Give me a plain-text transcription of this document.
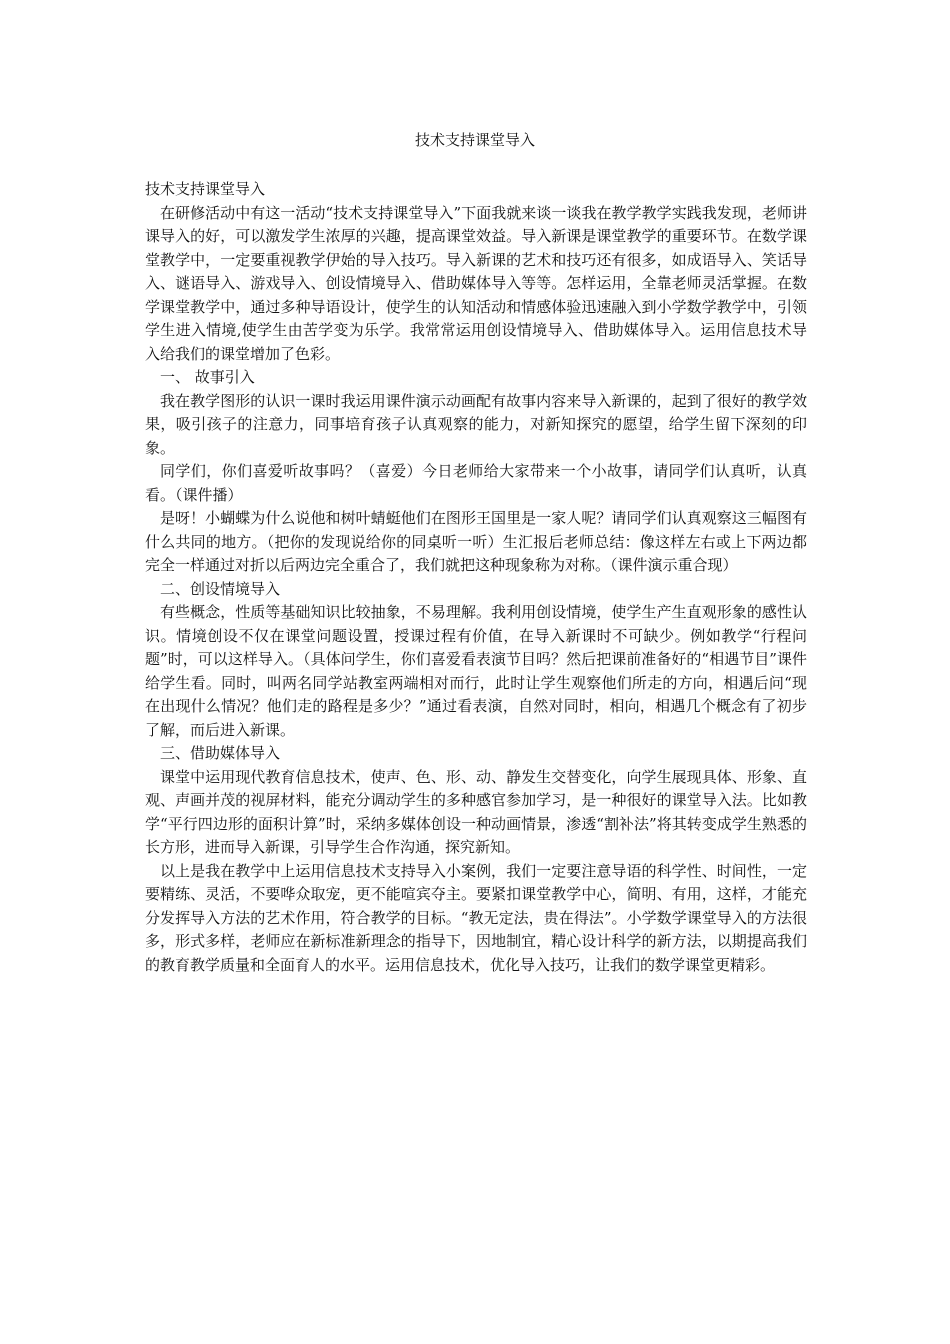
技术支持课堂导入

技术支持课堂导入

在研修活动中有这一活动“技术支持课堂导入”下面我就来谈一谈我在教学教学实践我发现，老师讲课导入的好，可以激发学生浓厚的兴趣，提高课堂效益。导入新课是课堂教学的重要环节。在数学课堂教学中，一定要重视教学伊始的导入技巧。导入新课的艺术和技巧还有很多，如成语导入、笑话导入、谜语导入、游戏导入、创设情境导入、借助媒体导入等等。怎样运用，全靠老师灵活掌握。在数学课堂教学中，通过多种导语设计，使学生的认知活动和情感体验迅速融入到小学数学教学中，引领学生进入情境,使学生由苦学变为乐学。我常常运用创设情境导入、借助媒体导入。运用信息技术导入给我们的课堂增加了色彩。

一、 故事引入

我在教学图形的认识一课时我运用课件演示动画配有故事内容来导入新课的，起到了很好的教学效果，吸引孩子的注意力，同事培育孩子认真观察的能力，对新知探究的愿望，给学生留下深刻的印象。

同学们，你们喜爱听故事吗？（喜爱）今日老师给大家带来一个小故事，请同学们认真听，认真看。（课件播）

是呀！小蝴蝶为什么说他和树叶蜻蜓他们在图形王国里是一家人呢？请同学们认真观察这三幅图有什么共同的地方。（把你的发现说给你的同桌听一听）生汇报后老师总结：像这样左右或上下两边都完全一样通过对折以后两边完全重合了，我们就把这种现象称为对称。（课件演示重合现）

二、创设情境导入

有些概念，性质等基础知识比较抽象，不易理解。我利用创设情境，使学生产生直观形象的感性认识。情境创设不仅在课堂问题设置，授课过程有价值，在导入新课时不可缺少。例如教学“行程问题”时，可以这样导入。（具体问学生，你们喜爱看表演节目吗？然后把课前准备好的“相遇节目”课件给学生看。同时，叫两名同学站教室两端相对而行，此时让学生观察他们所走的方向，相遇后问“现在出现什么情况？他们走的路程是多少？”通过看表演，自然对同时，相向，相遇几个概念有了初步了解，而后进入新课。

三、借助媒体导入

课堂中运用现代教育信息技术，使声、色、形、动、静发生交替变化，向学生展现具体、形象、直观、声画并茂的视屏材料，能充分调动学生的多种感官参加学习，是一种很好的课堂导入法。比如教学“平行四边形的面积计算”时，采纳多媒体创设一种动画情景，渗透“割补法”将其转变成学生熟悉的长方形，进而导入新课，引导学生合作沟通，探究新知。

以上是我在教学中上运用信息技术支持导入小案例，我们一定要注意导语的科学性、时间性，一定要精练、灵活，不要哗众取宠，更不能喧宾夺主。要紧扣课堂教学中心，简明、有用，这样，才能充分发挥导入方法的艺术作用，符合教学的目标。“教无定法，贵在得法”。小学数学课堂导入的方法很多，形式多样，老师应在新标准新理念的指导下，因地制宜，精心设计科学的新方法，以期提高我们的教育教学质量和全面育人的水平。运用信息技术，优化导入技巧，让我们的数学课堂更精彩。
